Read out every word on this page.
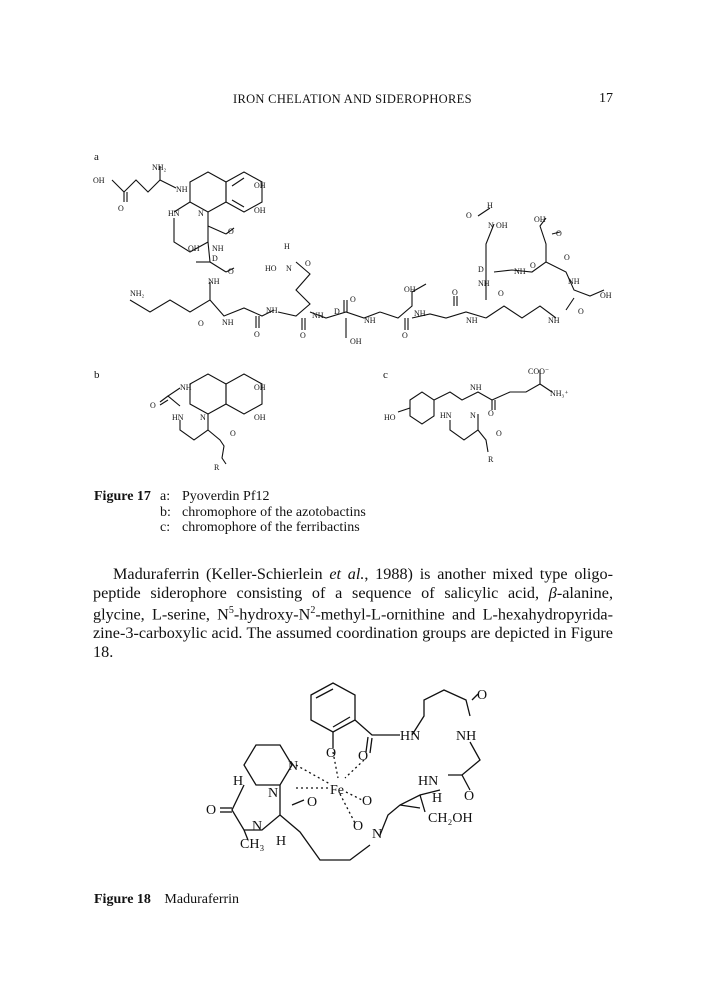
IRON CHELATION AND SIDEROPHORES	17
a
b	c
NH₂
OH
O
NH	OH
OH
HN N
O
OH NH
D
O
NH
NH₂
O NH
O
NH
H
HO N
O
O
NH D
O
OH
NH
O
OH
NH
O
NH
H
O
N OH
D
NH
O
NH
OH
O
O
O
NH
OH
NH
O
NH
O
HN N
OH
OH
O
R
COO⁻
NH₃⁺
NH
HO	HN N O
O
R
Figure 17 a: Pyoverdin Pf12
b: chromophore of the azotobactins
c: chromophore of the ferribactins

Maduraferrin (Keller-Schierlein et al., 1988) is another mixed type oligo-peptide siderophore consisting of a sequence of salicylic acid, β-alanine, glycine, L-serine, $N^5-hydroxy-N^2-methyl-L$-ornithine and L-hexahydropyrida-zine-3-carboxylic acid. The assumed coordination groups are depicted in Figure 18.

O
HN	NH
O O
H
N
N	Fe
HN
O
O	O	H O
CH₂OH
N
CH₃ H
O
N
Figure 18 Maduraferrin
